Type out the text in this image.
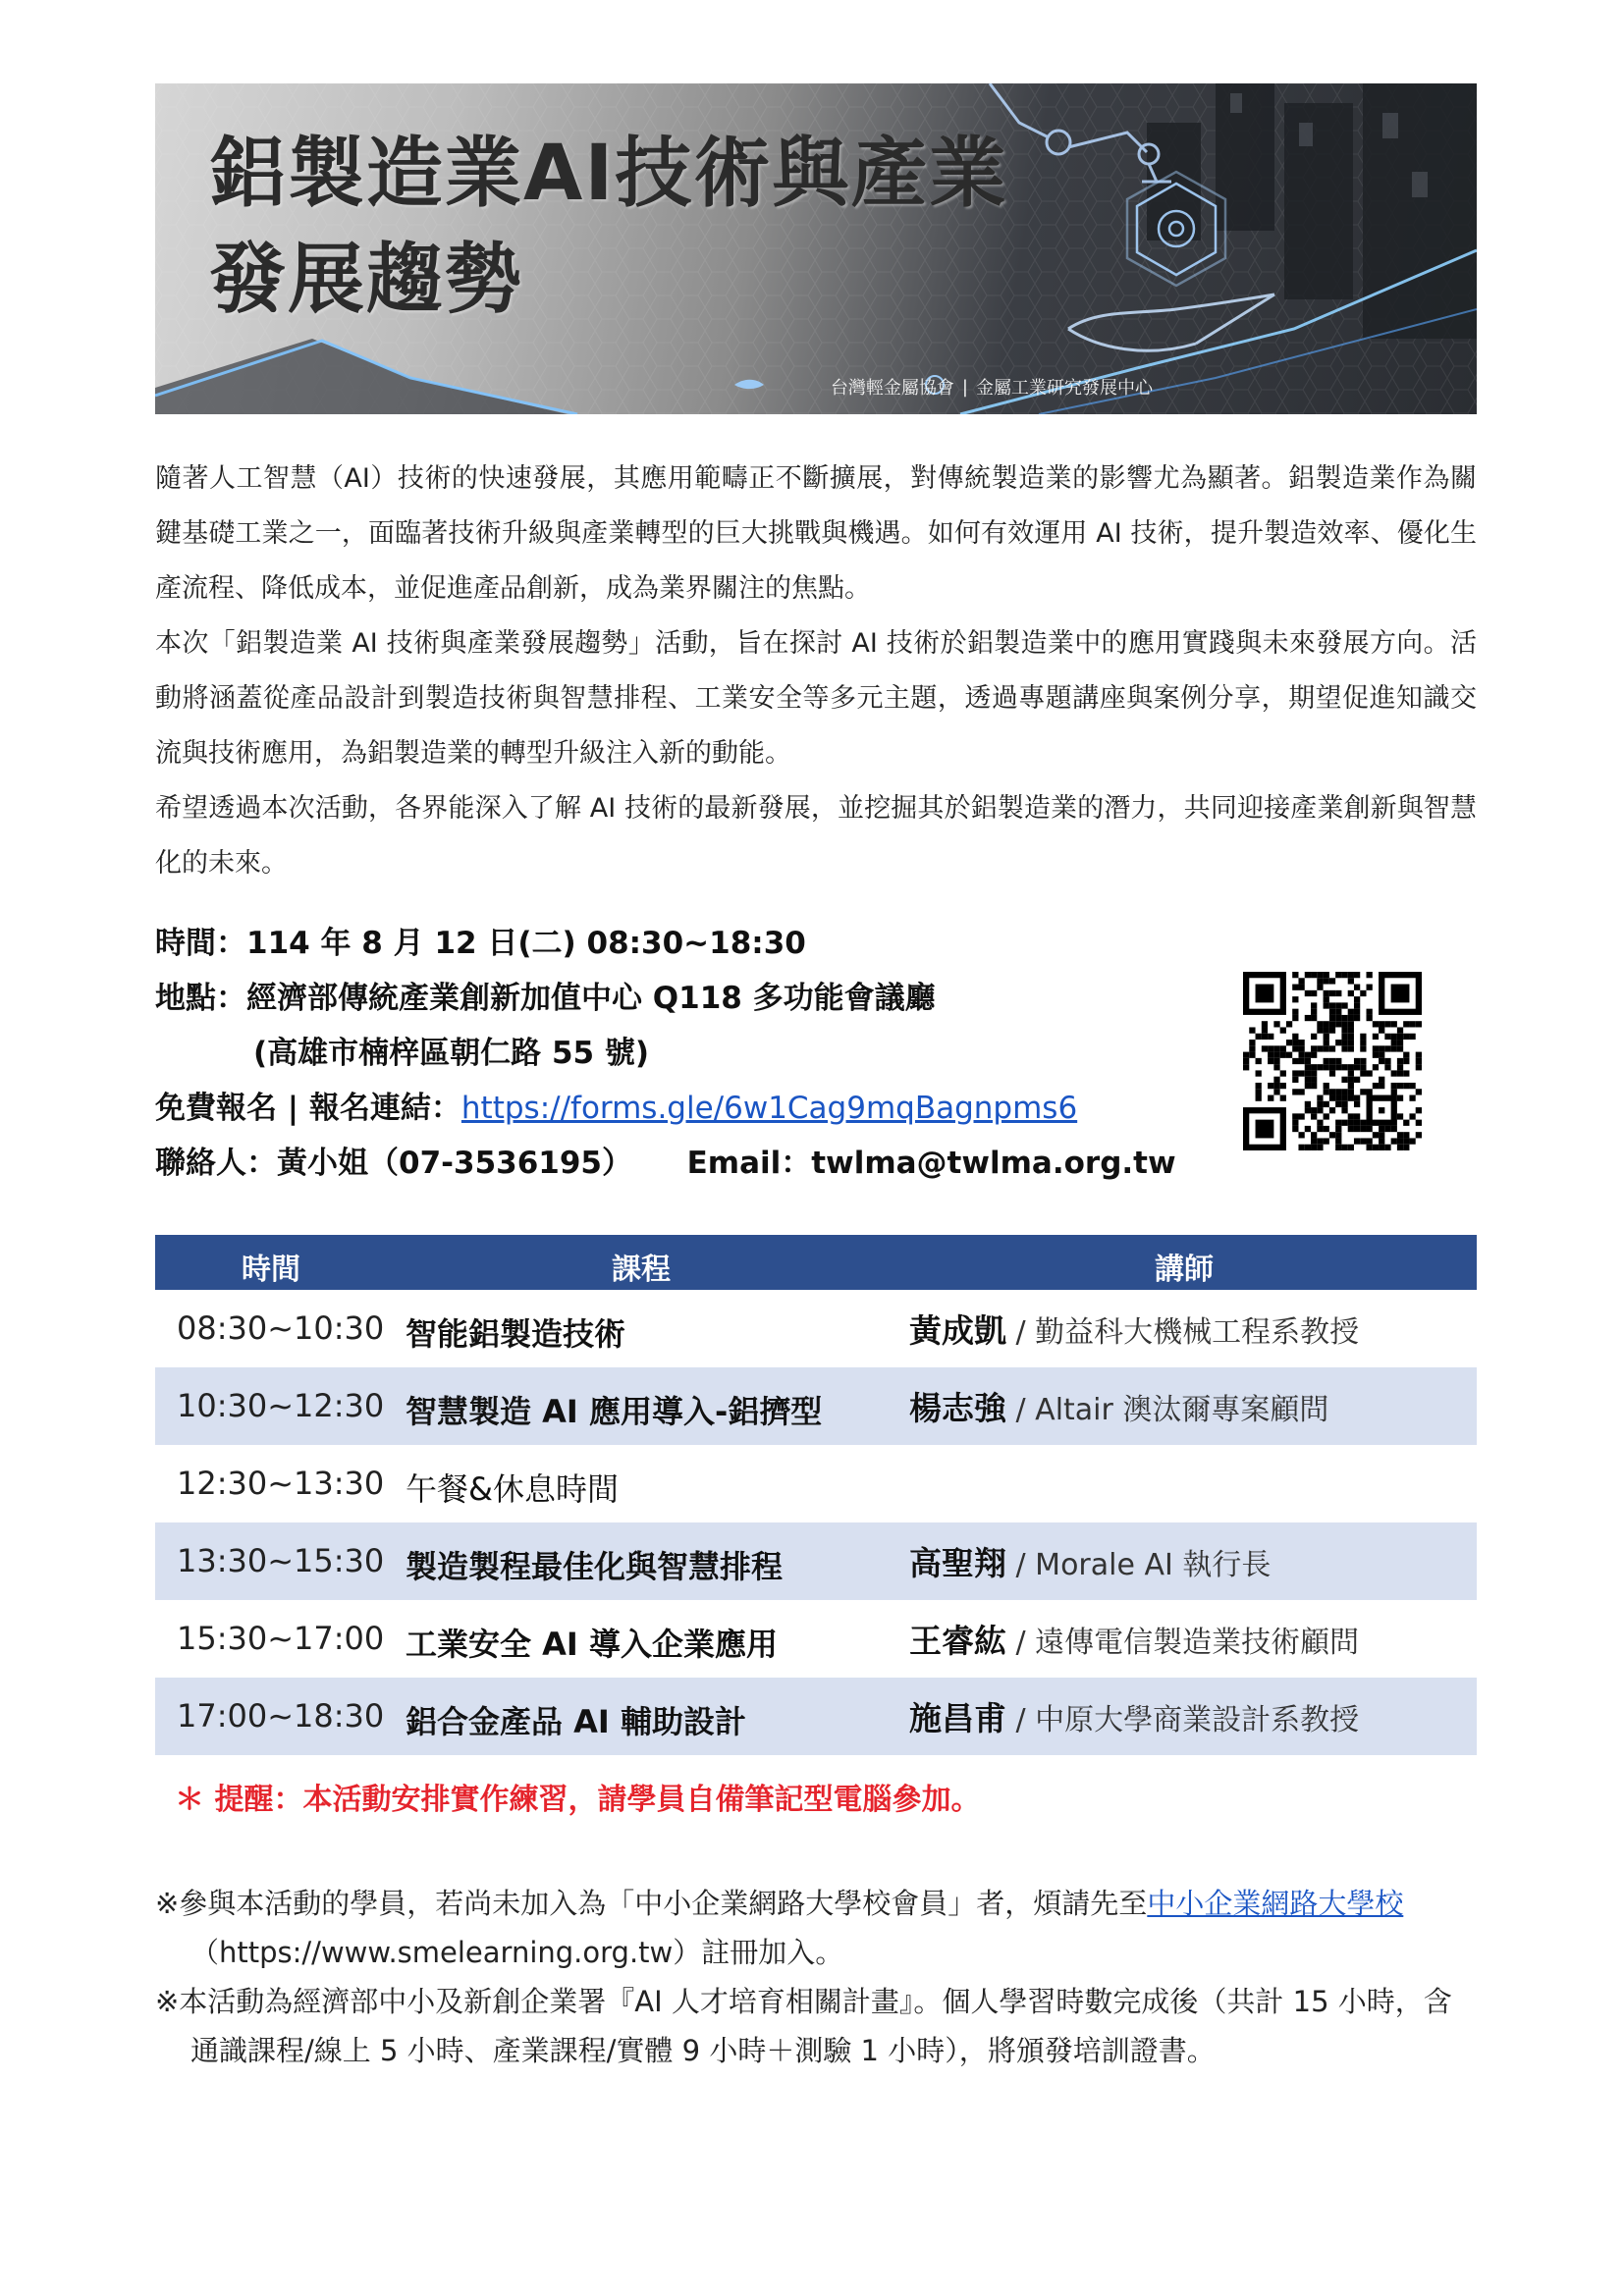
鋁製造業AI技術與產業
發展趨勢
台灣輕金屬協會 | 金屬工業研究發展中心

隨著人工智慧（AI）技術的快速發展，其應用範疇正不斷擴展，對傳統製造業的影響尤為顯著。鋁製造業作為關鍵基礎工業之一，面臨著技術升級與產業轉型的巨大挑戰與機遇。如何有效運用 AI 技術，提升製造效率、優化生產流程、降低成本，並促進產品創新，成為業界關注的焦點。

本次「鋁製造業 AI 技術與產業發展趨勢」活動，旨在探討 AI 技術於鋁製造業中的應用實踐與未來發展方向。活動將涵蓋從產品設計到製造技術與智慧排程、工業安全等多元主題，透過專題講座與案例分享，期望促進知識交流與技術應用，為鋁製造業的轉型升級注入新的動能。

希望透過本次活動，各界能深入了解 AI 技術的最新發展，並挖掘其於鋁製造業的潛力，共同迎接產業創新與智慧化的未來。

時間：114 年 8 月 12 日(二) 08:30~18:30
地點：經濟部傳統產業創新加值中心 Q118 多功能會議廳
(高雄市楠梓區朝仁路 55 號)
免費報名 | 報名連結：https://forms.gle/6w1Cag9mqBagnpms6
聯絡人：黃小姐（07-3536195） Email：twlma@twlma.org.tw
時間	課程	講師
08:30~10:30 智能鋁製造技術	黃成凱 / 勤益科大機械工程系教授
10:30~12:30 智慧製造 AI 應用導入-鋁擠型	楊志強 / Altair 澳汰爾專案顧問
12:30~13:30 午餐&休息時間
13:30~15:30 製造製程最佳化與智慧排程	高聖翔 / Morale AI 執行長
15:30~17:00 工業安全 AI 導入企業應用	王睿紘 / 遠傳電信製造業技術顧問
17:00~18:30 鋁合金產品 AI 輔助設計	施昌甫 / 中原大學商業設計系教授
＊ 提醒：本活動安排實作練習，請學員自備筆記型電腦參加。

※參與本活動的學員，若尚未加入為「中小企業網路大學校會員」者，煩請先至中小企業網路大學校（https://www.smelearning.org.tw）註冊加入。

※本活動為經濟部中小及新創企業署『AI 人才培育相關計畫』。個人學習時數完成後（共計 15 小時，含通識課程/線上 5 小時、產業課程/實體 9 小時＋測驗 1 小時），將頒發培訓證書。
